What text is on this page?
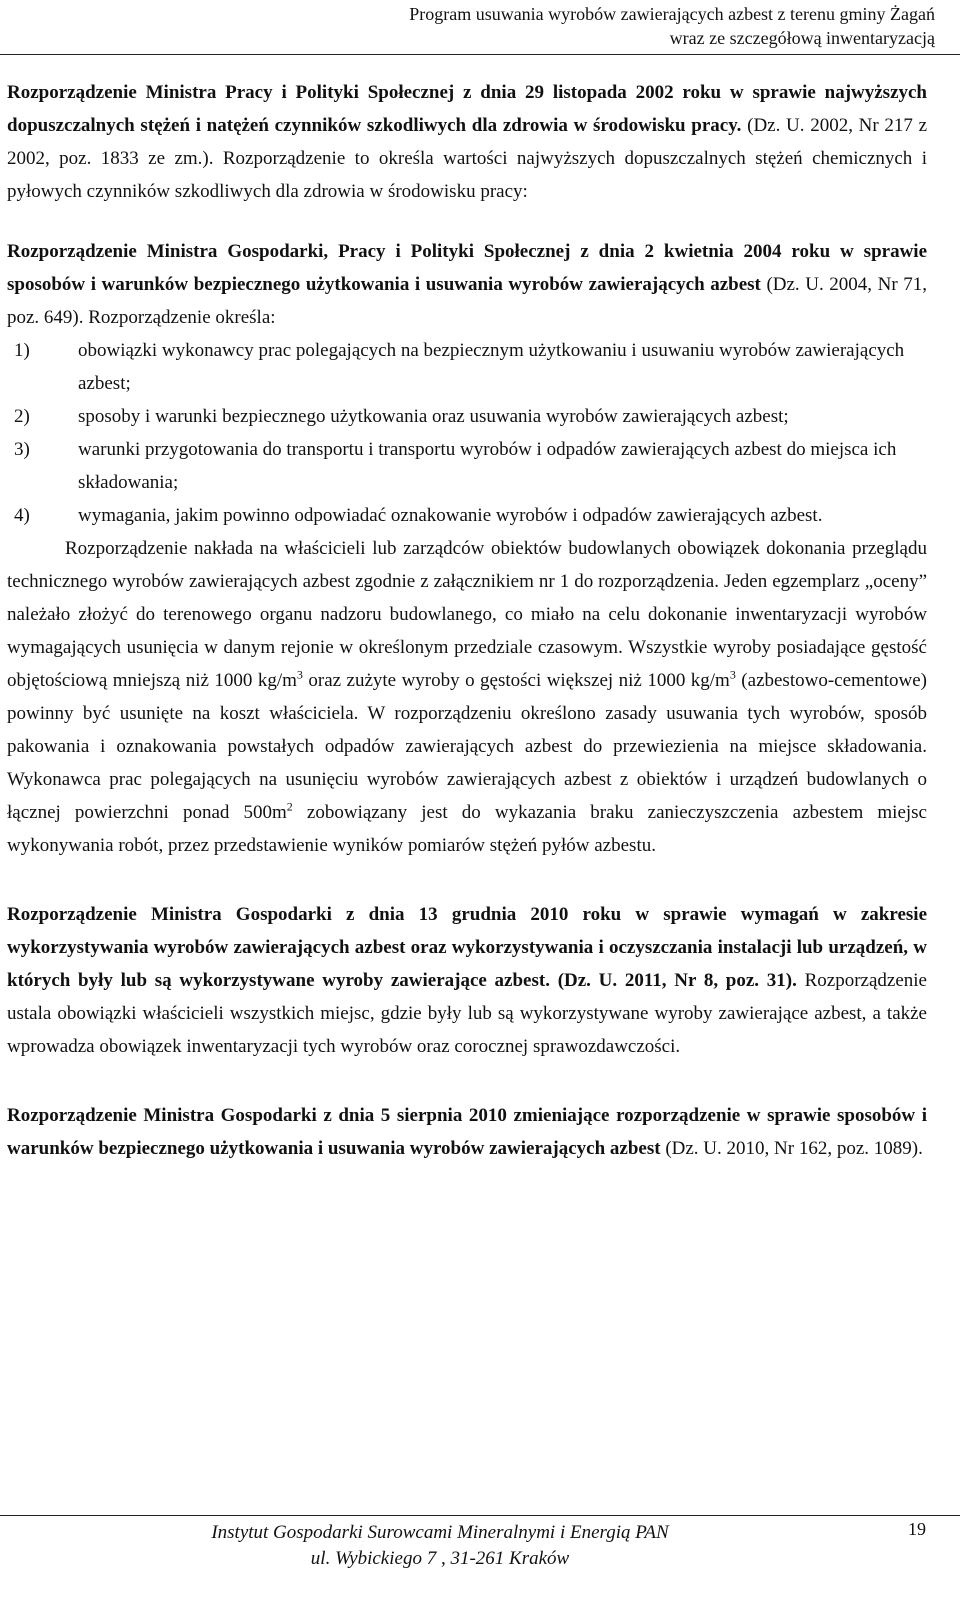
Program usuwania wyrobów zawierających azbest z terenu gminy Żagań
wraz ze szczegółową inwentaryzacją

Rozporządzenie Ministra Pracy i Polityki Społecznej z dnia 29 listopada 2002 roku w sprawie najwyższych dopuszczalnych stężeń i natężeń czynników szkodliwych dla zdrowia w środowisku pracy. (Dz. U. 2002, Nr 217 z 2002, poz. 1833 ze zm.). Rozporządzenie to określa wartości najwyższych dopuszczalnych stężeń chemicznych i pyłowych czynników szkodliwych dla zdrowia w środowisku pracy:

Rozporządzenie Ministra Gospodarki, Pracy i Polityki Społecznej z dnia 2 kwietnia 2004 roku w sprawie sposobów i warunków bezpiecznego użytkowania i usuwania wyrobów zawierających azbest (Dz. U. 2004, Nr 71, poz. 649). Rozporządzenie określa:

1)	obowiązki wykonawcy prac polegających na bezpiecznym użytkowaniu i usuwaniu wyrobów zawierających azbest;
2)	sposoby i warunki bezpiecznego użytkowania oraz usuwania wyrobów zawierających azbest;
3)	warunki przygotowania do transportu i transportu wyrobów i odpadów zawierających azbest do miejsca ich składowania;
4)	wymagania, jakim powinno odpowiadać oznakowanie wyrobów i odpadów zawierających azbest.

Rozporządzenie nakłada na właścicieli lub zarządców obiektów budowlanych obowiązek dokonania przeglądu technicznego wyrobów zawierających azbest zgodnie z załącznikiem nr 1 do rozporządzenia. Jeden egzemplarz „oceny” należało złożyć do terenowego organu nadzoru budowlanego, co miało na celu dokonanie inwentaryzacji wyrobów wymagających usunięcia w danym rejonie w określonym przedziale czasowym. Wszystkie wyroby posiadające gęstość objętościową mniejszą niż 1000 $kg/m^3$ oraz zużyte wyroby o gęstości większej niż 1000 $kg/m^3$ (azbestowo-cementowe) powinny być usunięte na koszt właściciela. W rozporządzeniu określono zasady usuwania tych wyrobów, sposób pakowania i oznakowania powstałych odpadów zawierających azbest do przewiezienia na miejsce składowania. Wykonawca prac polegających na usunięciu wyrobów zawierających azbest z obiektów i urządzeń budowlanych o łącznej powierzchni ponad $500m^2$ zobowiązany jest do wykazania braku zanieczyszczenia azbestem miejsc wykonywania robót, przez przedstawienie wyników pomiarów stężeń pyłów azbestu.

Rozporządzenie Ministra Gospodarki z dnia 13 grudnia 2010 roku w sprawie wymagań w zakresie wykorzystywania wyrobów zawierających azbest oraz wykorzystywania i oczyszczania instalacji lub urządzeń, w których były lub są wykorzystywane wyroby zawierające azbest. (Dz. U. 2011, Nr 8, poz. 31). Rozporządzenie ustala obowiązki właścicieli wszystkich miejsc, gdzie były lub są wykorzystywane wyroby zawierające azbest, a także wprowadza obowiązek inwentaryzacji tych wyrobów oraz corocznej sprawozdawczości.

Rozporządzenie Ministra Gospodarki z dnia 5 sierpnia 2010 zmieniające rozporządzenie w sprawie sposobów i warunków bezpiecznego użytkowania i usuwania wyrobów zawierających azbest (Dz. U. 2010, Nr 162, poz. 1089).

Instytut Gospodarki Surowcami Mineralnymi i Energią PAN
ul. Wybickiego 7 , 31-261 Kraków
19
